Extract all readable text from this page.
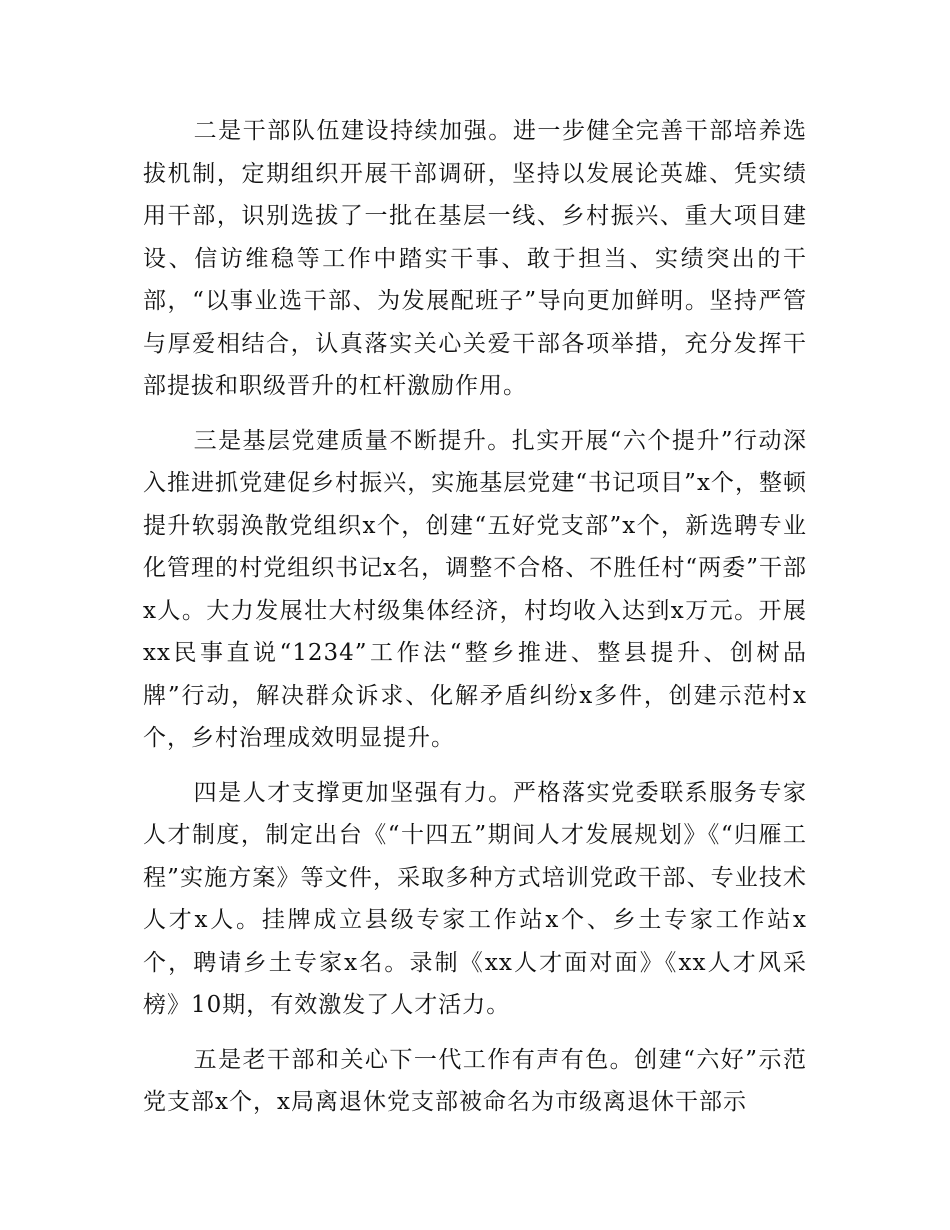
二是干部队伍建设持续加强。进一步健全完善干部培养选拔机制，定期组织开展干部调研，坚持以发展论英雄、凭实绩用干部，识别选拔了一批在基层一线、乡村振兴、重大项目建设、信访维稳等工作中踏实干事、敢于担当、实绩突出的干部，“以事业选干部、为发展配班子”导向更加鲜明。坚持严管与厚爱相结合，认真落实关心关爱干部各项举措，充分发挥干部提拔和职级晋升的杠杆激励作用。

三是基层党建质量不断提升。扎实开展“六个提升”行动深入推进抓党建促乡村振兴，实施基层党建“书记项目”x个，整顿提升软弱涣散党组织x个，创建“五好党支部”x个，新选聘专业化管理的村党组织书记x名，调整不合格、不胜任村“两委”干部x人。大力发展壮大村级集体经济，村均收入达到x万元。开展xx民事直说“1234”工作法“整乡推进、整县提升、创树品牌”行动，解决群众诉求、化解矛盾纠纷x多件，创建示范村x个，乡村治理成效明显提升。

四是人才支撑更加坚强有力。严格落实党委联系服务专家人才制度，制定出台《“十四五”期间人才发展规划》《“归雁工程”实施方案》等文件，采取多种方式培训党政干部、专业技术人才x人。挂牌成立县级专家工作站x个、乡土专家工作站x个，聘请乡土专家x名。录制《xx人才面对面》《xx人才风采榜》10期，有效激发了人才活力。

五是老干部和关心下一代工作有声有色。创建“六好”示范党支部x个，x局离退休党支部被命名为市级离退休干部示
